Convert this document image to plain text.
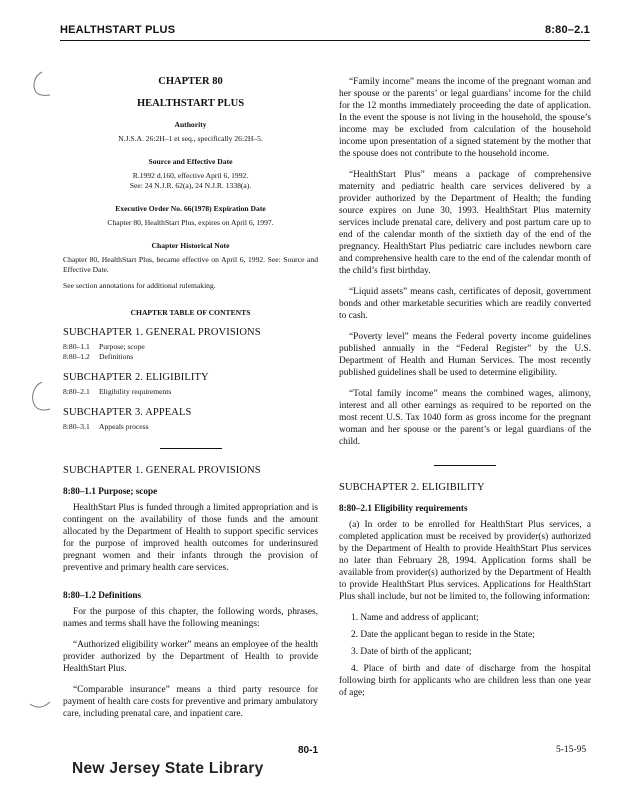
HEALTHSTART PLUS	8:80–2.1
CHAPTER 80
HEALTHSTART PLUS
Authority
N.J.S.A. 26:2H–1 et seq., specifically 26:2H–5.
Source and Effective Date
R.1992 d.160, effective April 6, 1992.
See: 24 N.J.R. 62(a), 24 N.J.R. 1338(a).
Executive Order No. 66(1978) Expiration Date
Chapter 80, HealthStart Plus, expires on April 6, 1997.
Chapter Historical Note
Chapter 80, HealthStart Plus, became effective on April 6, 1992. See: Source and Effective Date.
See section annotations for additional rulemaking.
CHAPTER TABLE OF CONTENTS
SUBCHAPTER 1. GENERAL PROVISIONS
8:80–1.1 Purpose; scope
8:80–1.2 Definitions
SUBCHAPTER 2. ELIGIBILITY
8:80–2.1 Eligibility requirements
SUBCHAPTER 3. APPEALS
8:80–3.1 Appeals process
SUBCHAPTER 1. GENERAL PROVISIONS
8:80–1.1 Purpose; scope
HealthStart Plus is funded through a limited appropriation and is contingent on the availability of those funds and the amount allocated by the Department of Health to support specific services for the purpose of improved health outcomes for underinsured pregnant women and their infants through the provision of preventive and primary health care services.
8:80–1.2 Definitions
For the purpose of this chapter, the following words, phrases, names and terms shall have the following meanings:
“Authorized eligibility worker” means an employee of the health provider authorized by the Department of Health to provide HealthStart Plus.
“Comparable insurance” means a third party resource for payment of health care costs for preventive and primary ambulatory care, including prenatal care, and inpatient care.
“Family income” means the income of the pregnant woman and her spouse or the parents’ or legal guardians’ income for the child for the 12 months immediately proceeding the date of application. In the event the spouse is not living in the household, the spouse’s income may be excluded from calculation of the household income upon presentation of a signed statement by the mother that the spouse does not contribute to the household income.
“HealthStart Plus” means a package of comprehensive maternity and pediatric health care services delivered by a provider authorized by the Department of Health; the funding source expires on June 30, 1993. HealthStart Plus maternity services include prenatal care, delivery and post partum care up to end of the calendar month of the sixtieth day of the end of the pregnancy. HealthStart Plus pediatric care includes newborn care and comprehensive health care to the end of the calendar month of the child’s first birthday.
“Liquid assets” means cash, certificates of deposit, government bonds and other marketable securities which are readily converted to cash.
“Poverty level” means the Federal poverty income guidelines published annually in the “Federal Register” by the U.S. Department of Health and Human Services. The most recently published guidelines shall be used to determine eligibility.
“Total family income” means the combined wages, alimony, interest and all other earnings as required to be reported on the most recent U.S. Tax 1040 form as gross income for the pregnant woman and her spouse or the parent’s or legal guardians of the child.
SUBCHAPTER 2. ELIGIBILITY
8:80–2.1 Eligibility requirements
(a) In order to be enrolled for HealthStart Plus services, a completed application must be received by provider(s) authorized by the Department of Health to provide HealthStart Plus services no later than February 28, 1994. Application forms shall be available from provider(s) authorized by the Department of Health to provide HealthStart Plus services. Applications for HealthStart Plus shall include, but not be limited to, the following information:
1. Name and address of applicant;
2. Date the applicant began to reside in the State;
3. Date of birth of the applicant;
4. Place of birth and date of discharge from the hospital following birth for applicants who are children less than one year of age;
80-1	5-15-95
New Jersey State Library
